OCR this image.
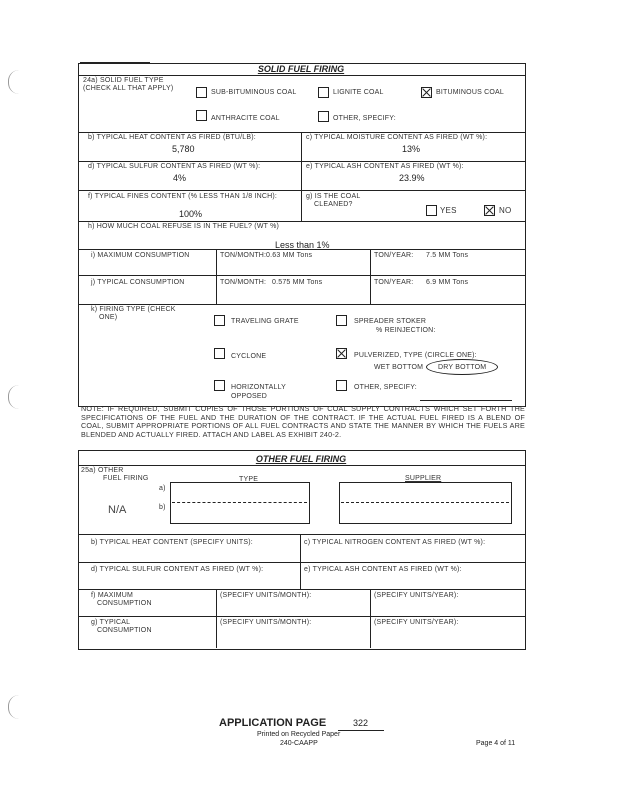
SOLID FUEL FIRING
24a) SOLID FUEL TYPE
(CHECK ALL THAT APPLY)
SUB-BITUMINOUS COAL	LIGNITE COAL	BITUMINOUS COAL
ANTHRACITE COAL	OTHER, SPECIFY:
b) TYPICAL HEAT CONTENT AS FIRED (BTU/LB):
5,780
c) TYPICAL MOISTURE CONTENT AS FIRED (WT %):
13%
d) TYPICAL SULFUR CONTENT AS FIRED (WT %):
4%
e) TYPICAL ASH CONTENT AS FIRED (WT %):
23.9%
f) TYPICAL FINES CONTENT (% LESS THAN 1/8 INCH):
100%
g) IS THE COAL
CLEANED?
YES	NO
h) HOW MUCH COAL REFUSE IS IN THE FUEL? (WT %)
Less than 1%
i) MAXIMUM CONSUMPTION	TON/MONTH: 0.63 MM Tons	TON/YEAR: 7.5 MM Tons
j) TYPICAL CONSUMPTION	TON/MONTH: 0.575 MM Tons	TON/YEAR: 6.9 MM Tons
k) FIRING TYPE (CHECK
ONE)
TRAVELING GRATE	SPREADER STOKER
% REINJECTION:
CYCLONE	PULVERIZED, TYPE (CIRCLE ONE):
WET BOTTOM DRY BOTTOM
HORIZONTALLY
OPPOSED
OTHER, SPECIFY:
NOTE: IF REQUIRED, SUBMIT COPIES OF THOSE PORTIONS OF COAL SUPPLY CONTRACTS WHICH SET FORTH THE SPECIFICATIONS OF THE FUEL AND THE DURATION OF THE CONTRACT. IF THE ACTUAL FUEL FIRED IS A BLEND OF COAL, SUBMIT APPROPRIATE PORTIONS OF ALL FUEL CONTRACTS AND STATE THE MANNER BY WHICH THE FUELS ARE BLENDED AND ACTUALLY FIRED. ATTACH AND LABEL AS EXHIBIT 240-2.
OTHER FUEL FIRING
25a) OTHER
FUEL FIRING	TYPE	SUPPLIER
a)
b)
N/A
b) TYPICAL HEAT CONTENT (SPECIFY UNITS):	c) TYPICAL NITROGEN CONTENT AS FIRED (WT %):
d) TYPICAL SULFUR CONTENT AS FIRED (WT %):	e) TYPICAL ASH CONTENT AS FIRED (WT %):
f) MAXIMUM
CONSUMPTION
(SPECIFY UNITS/MONTH):	(SPECIFY UNITS/YEAR):
g) TYPICAL
CONSUMPTION
(SPECIFY UNITS/MONTH):	(SPECIFY UNITS/YEAR):
APPLICATION PAGE	322
Printed on Recycled Paper
240-CAAPP	Page 4 of 11
